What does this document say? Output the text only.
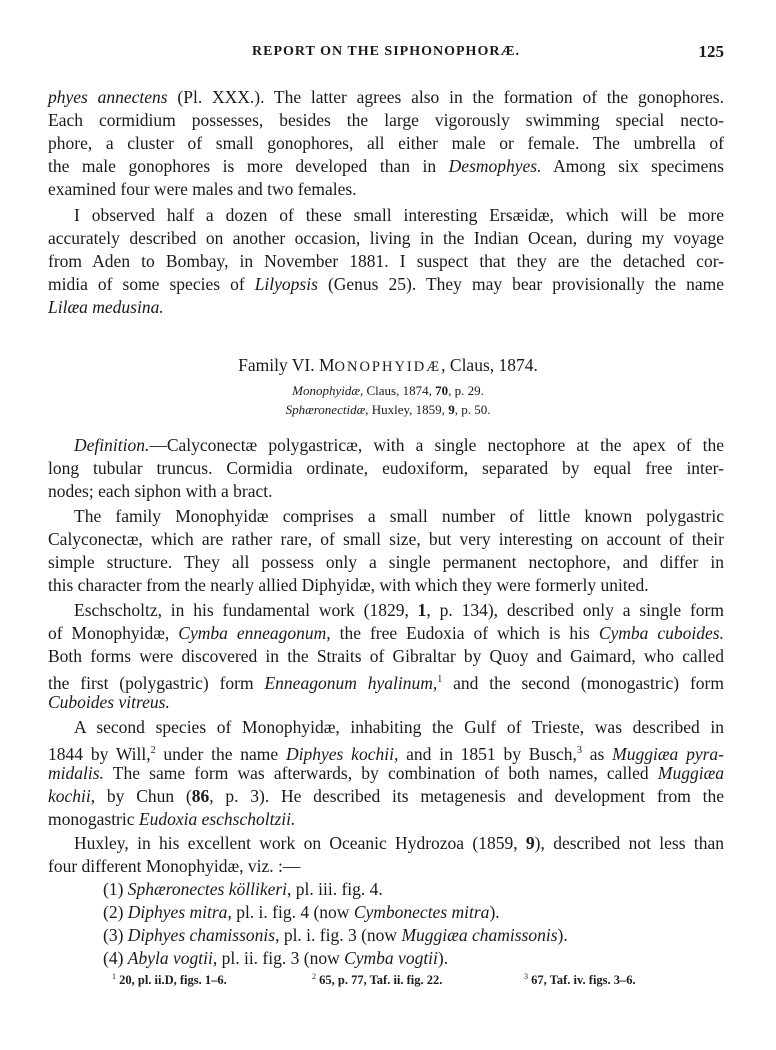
REPORT ON THE SIPHONOPHORÆ.	125
phyes annectens (Pl. XXX.). The latter agrees also in the formation of the gonophores.
Each cormidium possesses, besides the large vigorously swimming special necto-
phore, a cluster of small gonophores, all either male or female. The umbrella of
the male gonophores is more developed than in Desmophyes. Among six specimens
examined four were males and two females.
I observed half a dozen of these small interesting Ersæidæ, which will be more
accurately described on another occasion, living in the Indian Ocean, during my voyage
from Aden to Bombay, in November 1881. I suspect that they are the detached cor-
midia of some species of Lilyopsis (Genus 25). They may bear provisionally the name
Lilæa medusina.
Family VI. MONOPHYIDÆ, Claus, 1874.
Monophyidæ, Claus, 1874, 70, p. 29.
Sphæronectidæ, Huxley, 1859, 9, p. 50.
Definition.—Calyconectæ polygastricæ, with a single nectophore at the apex of the
long tubular truncus. Cormidia ordinate, eudoxiform, separated by equal free inter-
nodes; each siphon with a bract.
The family Monophyidæ comprises a small number of little known polygastric
Calyconectæ, which are rather rare, of small size, but very interesting on account of their
simple structure. They all possess only a single permanent nectophore, and differ in
this character from the nearly allied Diphyidæ, with which they were formerly united.
Eschscholtz, in his fundamental work (1829, 1, p. 134), described only a single form
of Monophyidæ, Cymba enneagonum, the free Eudoxia of which is his Cymba cuboides.
Both forms were discovered in the Straits of Gibraltar by Quoy and Gaimard, who called
the first (polygastric) form Enneagonum hyalinum,$^1$ and the second (monogastric) form
Cuboides vitreus.
A second species of Monophyidæ, inhabiting the Gulf of Trieste, was described in
1844 by Will,$^2$ under the name Diphyes kochii, and in 1851 by Busch,$^3$ as Muggiæa pyra-
midalis. The same form was afterwards, by combination of both names, called Muggiæa
kochii, by Chun (86, p. 3). He described its metagenesis and development from the
monogastric Eudoxia eschscholtzii.
Huxley, in his excellent work on Oceanic Hydrozoa (1859, 9), described not less than
four different Monophyidæ, viz. :—
(1) Sphæronectes köllikeri, pl. iii. fig. 4.
(2) Diphyes mitra, pl. i. fig. 4 (now Cymbonectes mitra).
(3) Diphyes chamissonis, pl. i. fig. 3 (now Muggiæa chamissonis).
(4) Abyla vogtii, pl. ii. fig. 3 (now Cymba vogtii).
$^1$ 20, pl. ii.D, figs. 1–6.	$^2$ 65, p. 77, Taf. ii. fig. 22.	$^3$ 67, Taf. iv. figs. 3–6.
